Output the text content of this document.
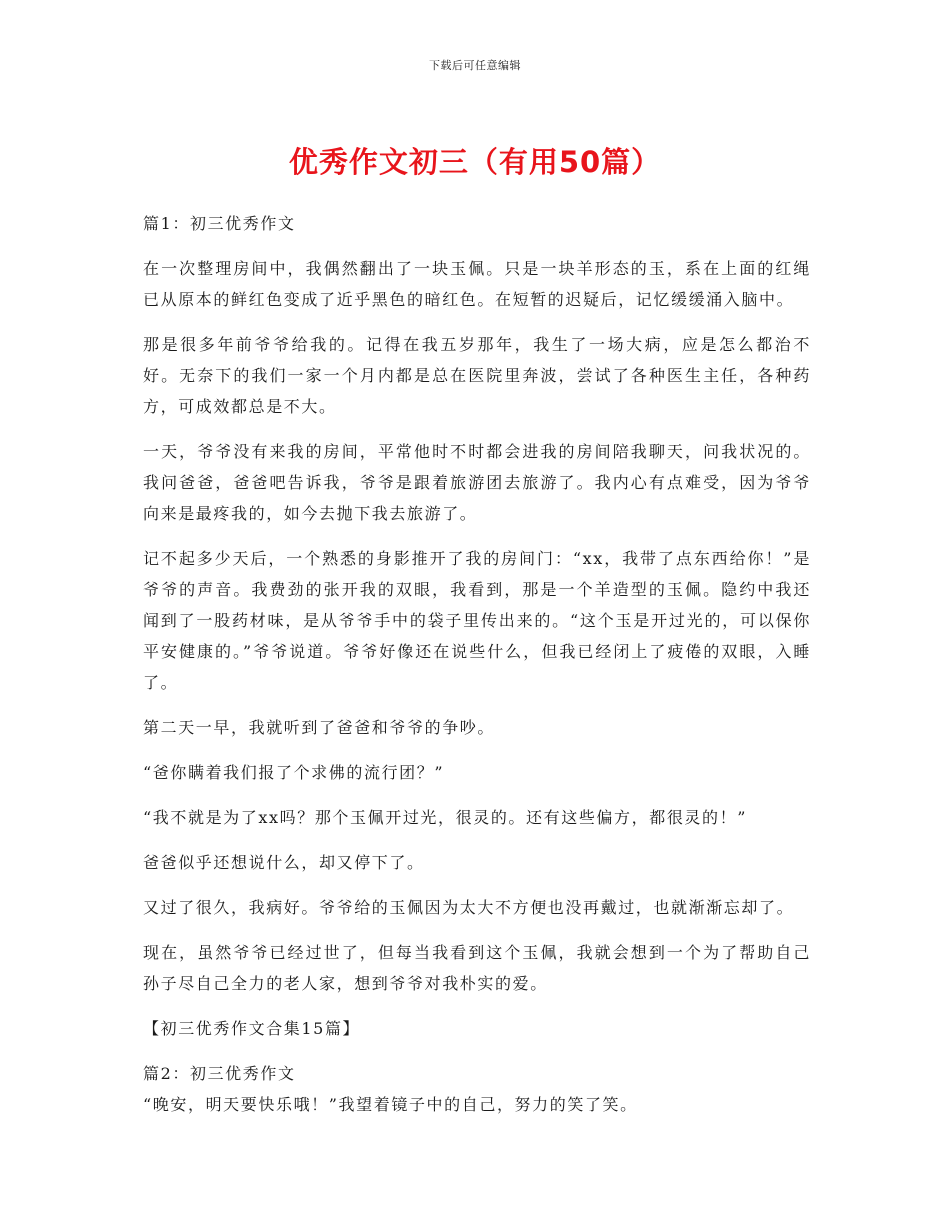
下载后可任意编辑
优秀作文初三（有用50篇）

篇1：初三优秀作文

在一次整理房间中，我偶然翻出了一块玉佩。只是一块羊形态的玉，系在上面的红绳已从原本的鲜红色变成了近乎黑色的暗红色。在短暂的迟疑后，记忆缓缓涌入脑中。

那是很多年前爷爷给我的。记得在我五岁那年，我生了一场大病，应是怎么都治不好。无奈下的我们一家一个月内都是总在医院里奔波，尝试了各种医生主任，各种药方，可成效都总是不大。

一天，爷爷没有来我的房间，平常他时不时都会进我的房间陪我聊天，问我状况的。我问爸爸，爸爸吧告诉我，爷爷是跟着旅游团去旅游了。我内心有点难受，因为爷爷向来是最疼我的，如今去抛下我去旅游了。

记不起多少天后，一个熟悉的身影推开了我的房间门：“xx，我带了点东西给你！”是爷爷的声音。我费劲的张开我的双眼，我看到，那是一个羊造型的玉佩。隐约中我还闻到了一股药材味，是从爷爷手中的袋子里传出来的。“这个玉是开过光的，可以保你平安健康的。”爷爷说道。爷爷好像还在说些什么，但我已经闭上了疲倦的双眼，入睡了。

第二天一早，我就听到了爸爸和爷爷的争吵。

“爸你瞒着我们报了个求佛的流行团？”

“我不就是为了xx吗？那个玉佩开过光，很灵的。还有这些偏方，都很灵的！”

爸爸似乎还想说什么，却又停下了。

又过了很久，我病好。爷爷给的玉佩因为太大不方便也没再戴过，也就渐渐忘却了。

现在，虽然爷爷已经过世了，但每当我看到这个玉佩，我就会想到一个为了帮助自己孙子尽自己全力的老人家，想到爷爷对我朴实的爱。

【初三优秀作文合集15篇】

篇2：初三优秀作文

“晚安，明天要快乐哦！”我望着镜子中的自己，努力的笑了笑。
